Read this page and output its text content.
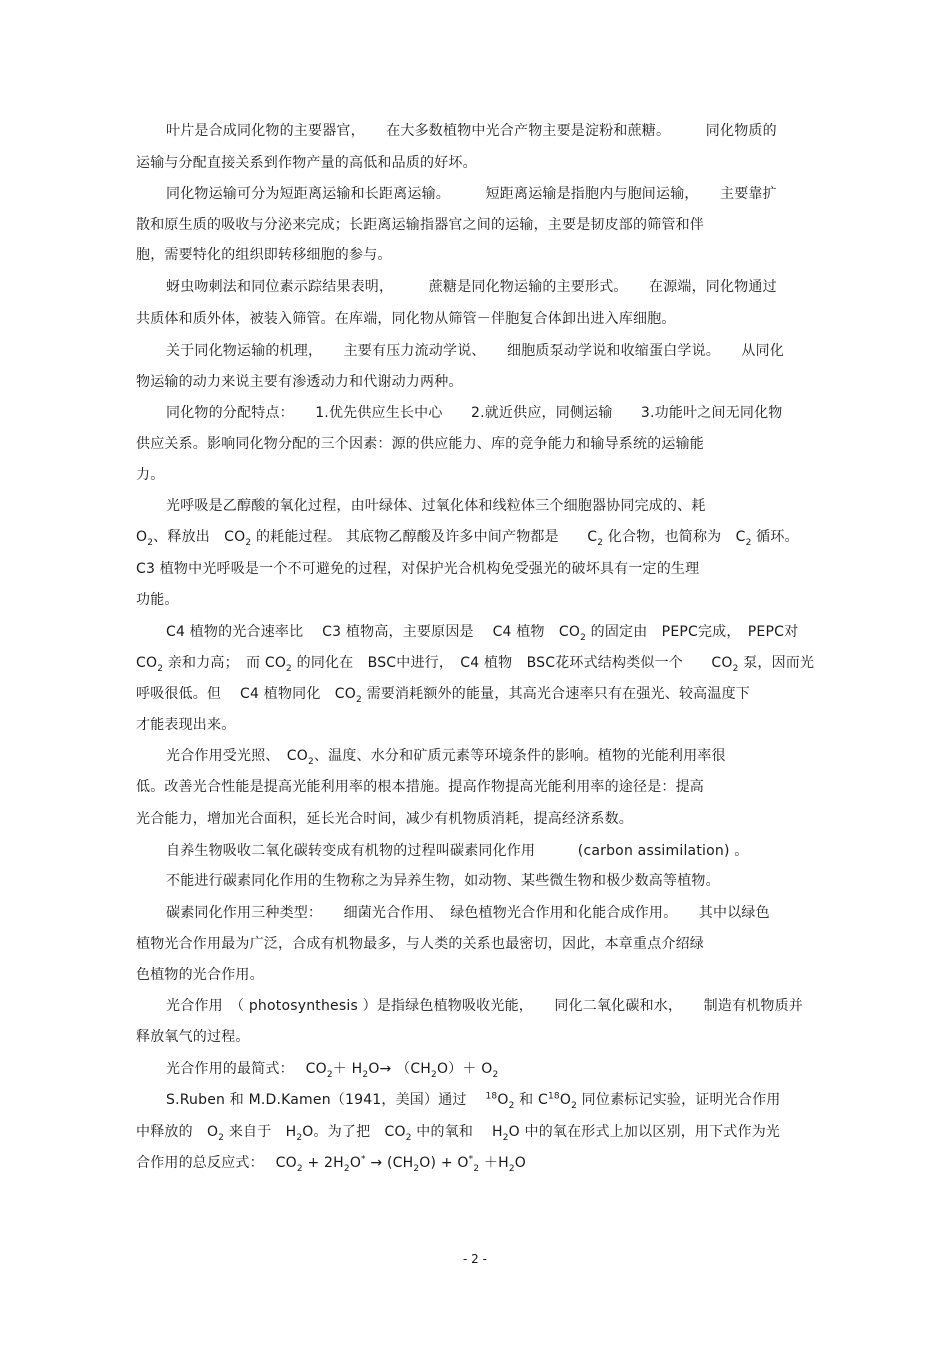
叶片是合成同化物的主要器官，　　在大多数植物中光合产物主要是淀粉和蔗糖。　　　同化物质的
运输与分配直接关系到作物产量的高低和品质的好坏。
同化物运输可分为短距离运输和长距离运输。　　　短距离运输是指胞内与胞间运输，　　主要靠扩
散和原生质的吸收与分泌来完成；长距离运输指器官之间的运输，主要是韧皮部的筛管和伴
胞，需要特化的组织即转移细胞的参与。
蚜虫吻刺法和同位素示踪结果表明，　　　蔗糖是同化物运输的主要形式。　　在源端，同化物通过
共质体和质外体，被装入筛管。在库端，同化物从筛管－伴胞复合体卸出进入库细胞。
关于同化物运输的机理，　　主要有压力流动学说、　　细胞质泵动学说和收缩蛋白学说。　　从同化
物运输的动力来说主要有渗透动力和代谢动力两种。
同化物的分配特点：　　1.优先供应生长中心　　2.就近供应，同侧运输　　3.功能叶之间无同化物
供应关系。影响同化物分配的三个因素：源的供应能力、库的竞争能力和输导系统的运输能
力。
光呼吸是乙醇酸的氧化过程，由叶绿体、过氧化体和线粒体三个细胞器协同完成的、耗
$O_2$、释放出　$CO_2$ 的耗能过程。 其底物乙醇酸及许多中间产物都是　　$C_2$ 化合物，也简称为　$C_2$ 循环。
C3 植物中光呼吸是一个不可避免的过程，对保护光合机构免受强光的破坏具有一定的生理
功能。
C4 植物的光合速率比　 C3 植物高，主要原因是　 C4 植物　$CO_2$ 的固定由　PEPC完成，　PEPC对
$CO_2$ 亲和力高；　而 $CO_2$ 的同化在　BSC中进行，　C4 植物　BSC花环式结构类似一个　　$CO_2$ 泵，因而光
呼吸很低。但　 C4 植物同化　$CO_2$ 需要消耗额外的能量，其高光合速率只有在强光、较高温度下
才能表现出来。
光合作用受光照、　$CO_2$、温度、水分和矿质元素等环境条件的影响。植物的光能利用率很
低。改善光合性能是提高光能利用率的根本措施。提高作物提高光能利用率的途径是：提高
光合能力，增加光合面积，延长光合时间，减少有机物质消耗，提高经济系数。
自养生物吸收二氧化碳转变成有机物的过程叫碳素同化作用　　　(carbon assimilation) 。
不能进行碳素同化作用的生物称之为异养生物，如动物、某些微生物和极少数高等植物。
碳素同化作用三种类型：　　细菌光合作用、　绿色植物光合作用和化能合成作用。　　其中以绿色
植物光合作用最为广泛，合成有机物最多，与人类的关系也最密切，因此，本章重点介绍绿
色植物的光合作用。
光合作用　（ photosynthesis ）是指绿色植物吸收光能，　　同化二氧化碳和水，　　制造有机物质并
释放氧气的过程。
光合作用的最简式：　 $CO_2+ H_2O\to (CH_2O)+ O_2$
S.Ruben 和 M.D.Kamen（1941，美国）通过　 $^{18}O_2$ 和 $C^{18}O_2$ 同位素标记实验，证明光合作用
中释放的　$O_2$ 来自于　$H_2O$。为了把　$CO_2$ 中的氧和　 $H_2O$ 中的氧在形式上加以区别，用下式作为光
合作用的总反应式：　 $CO_2 + 2H_2O^* \to (CH_2O) + O^*_2 +H_2O$
- 2 -
